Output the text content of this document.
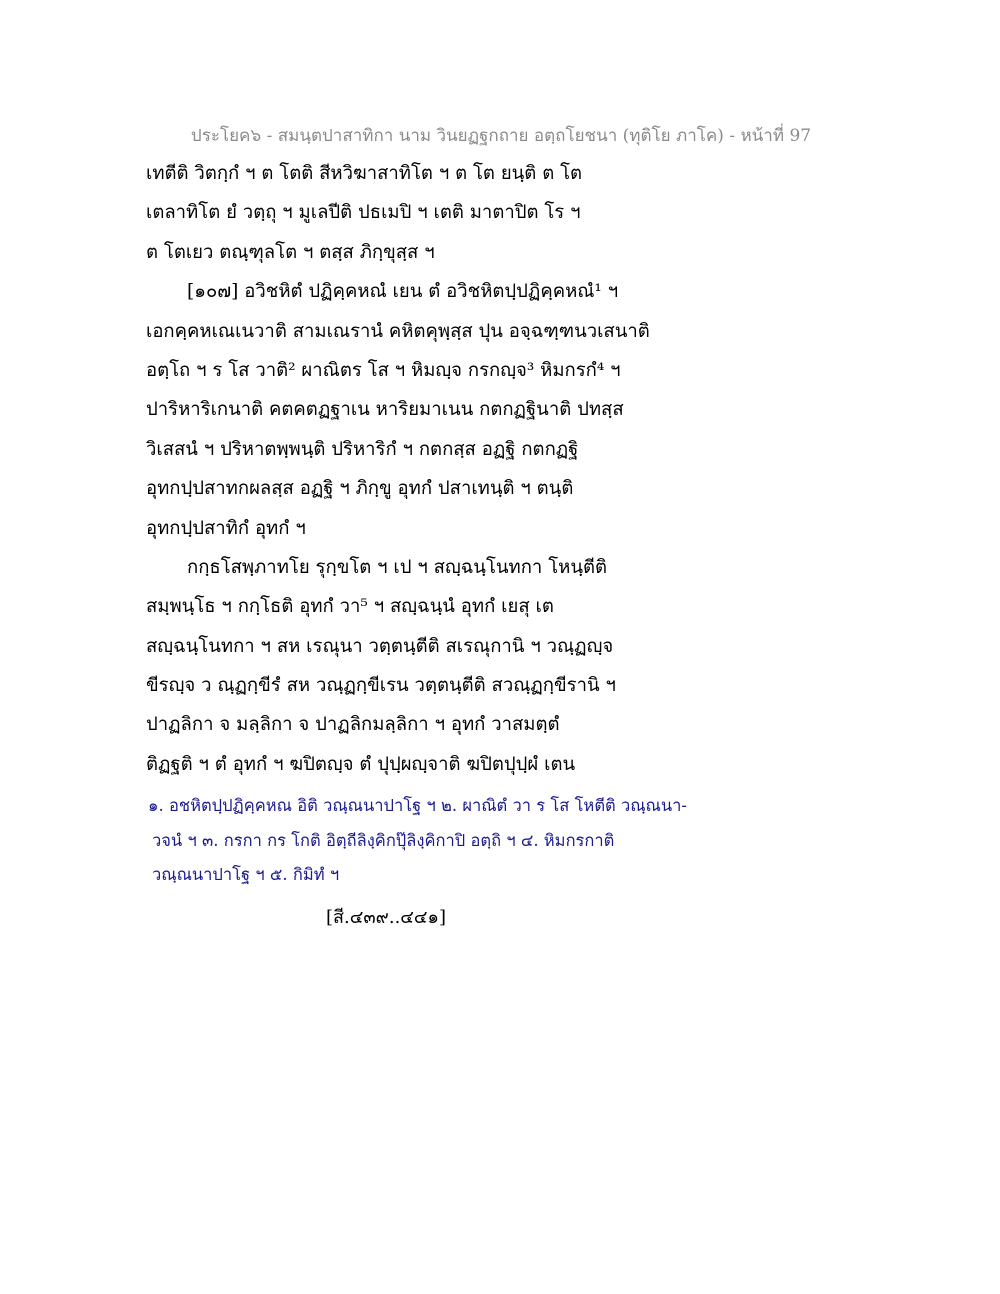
ประโยค๖ - สมนฺตปาสาทิกา นาม วินยฏฐกถาย อตฺถโยชนา (ทุติโย ภาโค) - หน้าที่ 97
เทตีติ วิตกฺกํ ฯ ต โตติ สีหวิฆาสาทิโต ฯ ต โต ยนฺติ ต โต
เตลาทิโต ยํ วตฺถุ ฯ มูเลปีติ ปธเมปิ ฯ เตติ มาตาปิต โร ฯ
ต โตเยว ตณฺฑุลโต ฯ ตสฺส ภิกฺขุสฺส ฯ
[๑๐๗] อวิชหิตํ ปฏิคฺคหณํ เยน ตํ อวิชหิตปฺปฏิคฺคหณํ¹ ฯ
เอกคฺคหเณเนวาติ สามเณรานํ คหิตคุพฺสฺส ปุน อจฺฉฑฺฑนวเสนาติ
อตฺโถ ฯ ร โส วาติ² ผาณิตร โส ฯ หิมญฺจ กรกญฺจ³ หิมกรกํ⁴ ฯ
ปาริหาริเกนาติ คตคตฏฐาเน หาริยมาเนน กตกฏฐินาติ ปทสฺส
วิเสสนํ ฯ ปริหาตพฺพนฺติ ปริหาริกํ ฯ กตกสฺส อฏฐิ กตกฏฐิ
อุทกปฺปสาทกผลสฺส อฏฐิ ฯ ภิกฺขู อุทกํ ปสาเทนฺติ ฯ ตนฺติ
อุทกปฺปสาทิกํ อุทกํ ฯ
กกฺธโสพฺภาทโย รุกฺขโต ฯ เป ฯ สญฺฉนฺโนทกา โหนฺตีติ
สมฺพนฺโธ ฯ กกฺโธติ อุทกํ วา⁵ ฯ สญฺฉนฺนํ อุทกํ เยสุ เต
สญฺฉนฺโนทกา ฯ สห เรณุนา วตฺตนฺตีติ สเรณุกานิ ฯ วณฺฏญฺจ
ขีรญฺจ ว ณฺฏกฺขีรํ สห วณฺฏกฺขีเรน วตฺตนฺตีติ สวณฺฏกฺขีรานิ ฯ
ปาฏลิกา จ มลฺลิกา จ ปาฏลิกมลฺลิกา ฯ อุทกํ วาสมตฺตํ
ติฏฐติ ฯ ตํ อุทกํ ฯ ฆปิตญฺจ ตํ ปุปฺผญฺจาติ ฆปิตปุปฺผํ เตน
๑. อชหิตปฺปฏิคฺคหณ อิติ วณฺณนาปาโฐ ฯ ๒. ผาณิตํ วา ร โส โหตีติ วณฺณนา-
วจนํ ฯ ๓. กรกา กร โกติ อิตฺถีลิงฺคิกปุ๊ลิงฺคิกาปิ อตฺถิ ฯ ๔. หิมกรกาติ
วณฺณนาปาโฐ ฯ ๕. กิมิทํ ฯ
[สี.๔๓๙..๔๔๑]
